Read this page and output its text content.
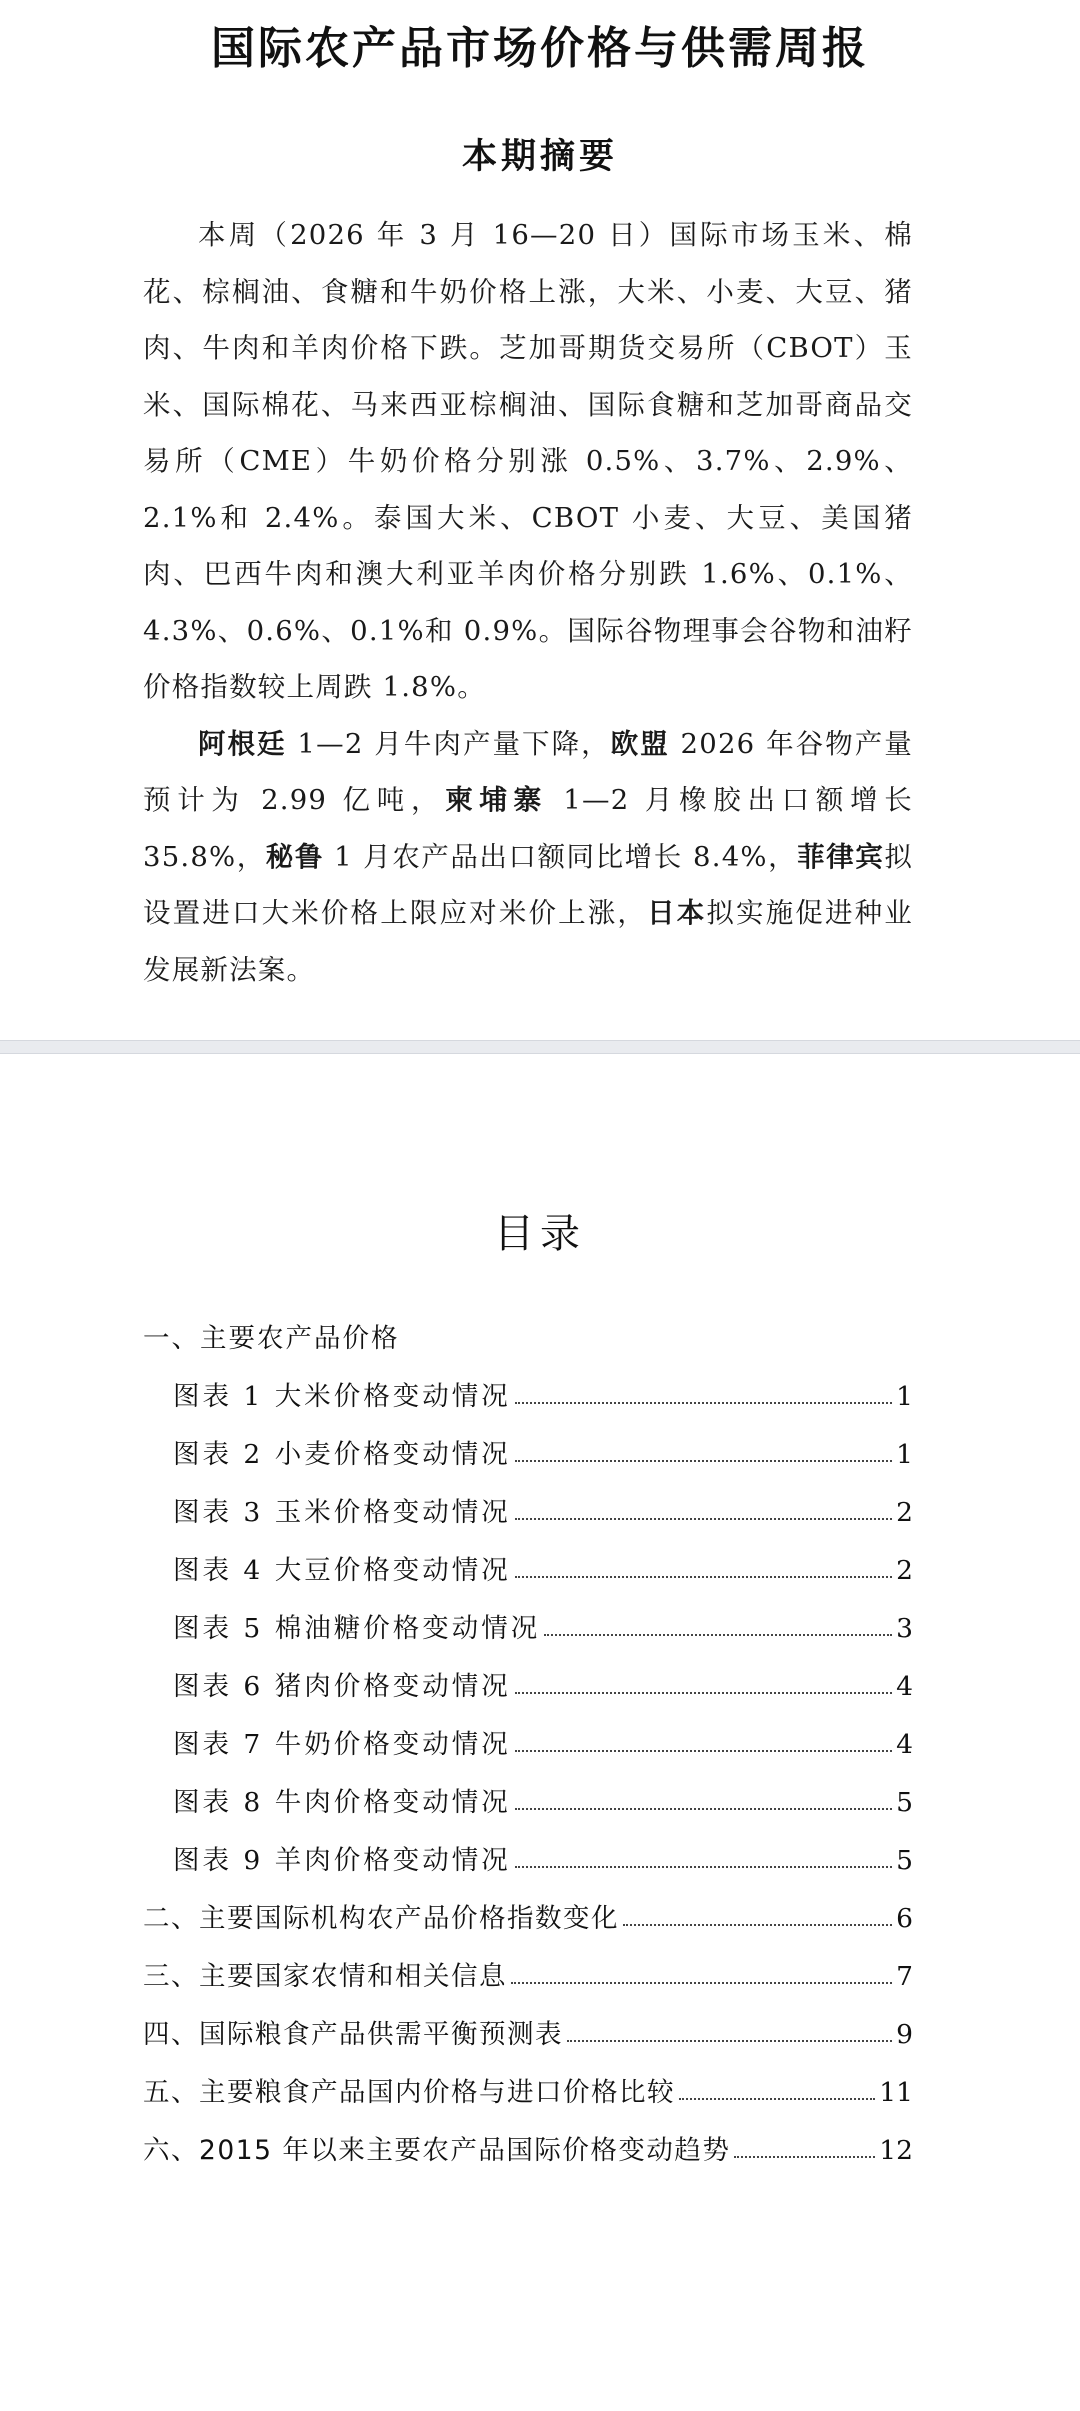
国际农产品市场价格与供需周报
本期摘要

本周（2026 年 3 月 16—20 日）国际市场玉米、棉花、棕榈油、食糖和牛奶价格上涨，大米、小麦、大豆、猪肉、牛肉和羊肉价格下跌。芝加哥期货交易所（CBOT）玉米、国际棉花、马来西亚棕榈油、国际食糖和芝加哥商品交易所（CME）牛奶价格分别涨 0.5%、3.7%、2.9%、2.1%和 2.4%。泰国大米、CBOT 小麦、大豆、美国猪肉、巴西牛肉和澳大利亚羊肉价格分别跌 1.6%、0.1%、4.3%、0.6%、0.1%和 0.9%。国际谷物理事会谷物和油籽价格指数较上周跌 1.8%。

阿根廷 1—2 月牛肉产量下降，欧盟 2026 年谷物产量预计为 2.99 亿吨，柬埔寨 1—2 月橡胶出口额增长 35.8%，秘鲁 1 月农产品出口额同比增长 8.4%，菲律宾拟设置进口大米价格上限应对米价上涨，日本拟实施促进种业发展新法案。

目录
一、主要农产品价格
图表 1 大米价格变动情况	1
图表 2 小麦价格变动情况	1
图表 3 玉米价格变动情况	2
图表 4 大豆价格变动情况	2
图表 5 棉油糖价格变动情况	3
图表 6 猪肉价格变动情况	4
图表 7 牛奶价格变动情况	4
图表 8 牛肉价格变动情况	5
图表 9 羊肉价格变动情况	5
二、主要国际机构农产品价格指数变化	6
三、主要国家农情和相关信息	7
四、国际粮食产品供需平衡预测表	9
五、主要粮食产品国内价格与进口价格比较	11
六、2015 年以来主要农产品国际价格变动趋势	12
